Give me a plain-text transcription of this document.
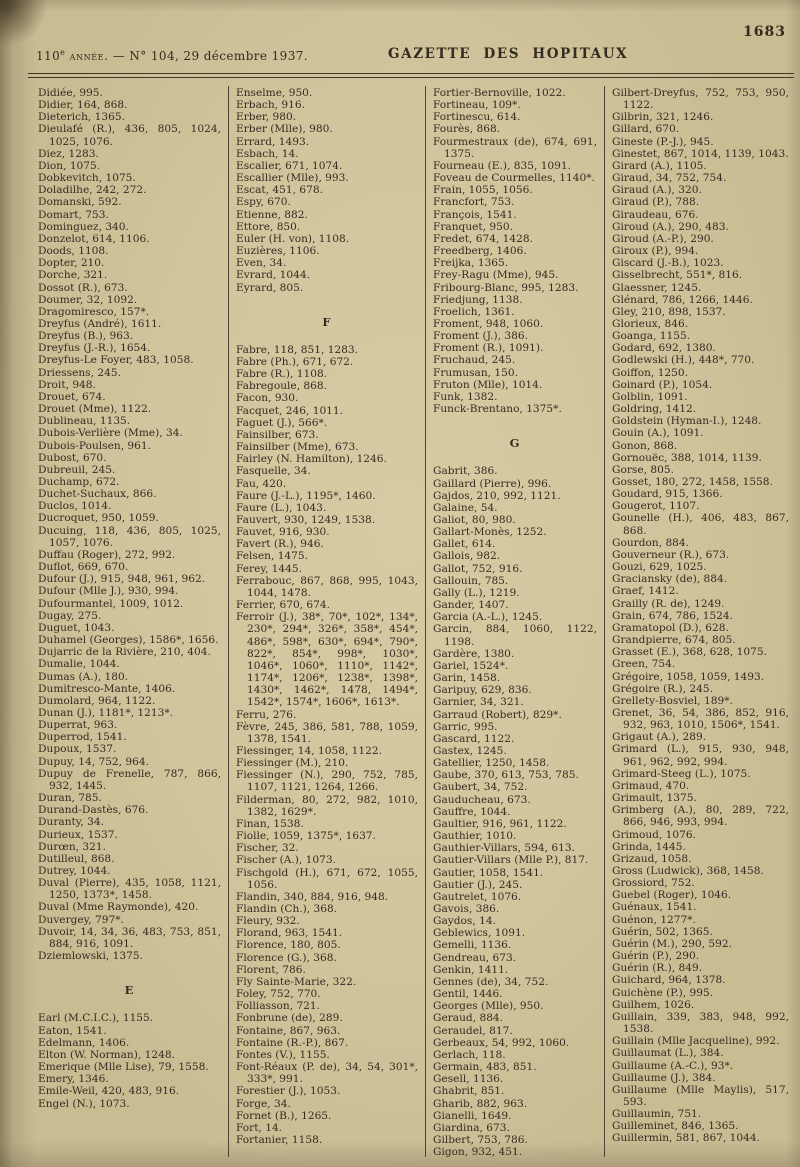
110e année. — N° 104, 29 décembre 1937.	GAZETTE DES HOPITAUX
1683

Didiée, 995.

Didier, 164, 868.

Dieterich, 1365.

Dieulafé (R.), 436, 805, 1024, 1025, 1076.

Diez, 1283.

Dion, 1075.

Dobkevitch, 1075.

Doladilhe, 242, 272.

Domanski, 592.

Domart, 753.

Dominguez, 340.

Donzelot, 614, 1106.

Doods, 1108.

Dopter, 210.

Dorche, 321.

Dossot (R.), 673.

Doumer, 32, 1092.

Dragomiresco, 157*.

Dreyfus (André), 1611.

Dreyfus (B.), 963.

Dreyfus (J.-R.), 1654.

Dreyfus-Le Foyer, 483, 1058.

Driessens, 245.

Droit, 948.

Drouet, 674.

Drouet (Mme), 1122.

Dublineau, 1135.

Dubois-Verlière (Mme), 34.

Dubois-Poulsen, 961.

Dubost, 670.

Dubreuil, 245.

Duchamp, 672.

Duchet-Suchaux, 866.

Duclos, 1014.

Ducroquet, 950, 1059.

Ducuing, 118, 436, 805, 1025, 1057, 1076.

Duffau (Roger), 272, 992.

Duflot, 669, 670.

Dufour (J.), 915, 948, 961, 962.

Dufour (Mlle J.), 930, 994.

Dufourmantel, 1009, 1012.

Dugay, 275.

Duguet, 1043.

Duhamel (Georges), 1586*, 1656.

Dujarric de la Rivière, 210, 404.

Dumalie, 1044.

Dumas (A.), 180.

Dumitresco-Mante, 1406.

Dumolard, 964, 1122.

Dunan (J.), 1181*, 1213*.

Duperrat, 963.

Duperrod, 1541.

Dupoux, 1537.

Dupuy, 14, 752, 964.

Dupuy de Frenelle, 787, 866, 932, 1445.

Duran, 785.

Durand-Dastès, 676.

Duranty, 34.

Durieux, 1537.

Durœn, 321.

Dutilleul, 868.

Dutrey, 1044.

Duval (Pierre), 435, 1058, 1121, 1250, 1373*, 1458.

Duval (Mme Raymonde), 420.

Duvergey, 797*.

Duvoir, 14, 34, 36, 483, 753, 851, 884, 916, 1091.

Dziemlowski, 1375.

E

Earl (M.C.I.C.), 1155.

Eaton, 1541.

Edelmann, 1406.

Elton (W. Norman), 1248.

Emerique (Mlle Lise), 79, 1558.

Emery, 1346.

Emile-Weil, 420, 483, 916.

Engel (N.), 1073.

Enselme, 950.

Erbach, 916.

Erber, 980.

Erber (Mlle), 980.

Errard, 1493.

Esbach, 14.

Escalier, 671, 1074.

Escallier (Mlle), 993.

Escat, 451, 678.

Espy, 670.

Etienne, 882.

Ettore, 850.

Euler (H. von), 1108.

Euzières, 1106.

Even, 34.

Evrard, 1044.

Eyrard, 805.

F

Fabre, 118, 851, 1283.

Fabre (Ph.), 671, 672.

Fabre (R.), 1108.

Fabregoule, 868.

Facon, 930.

Facquet, 246, 1011.

Faguet (J.), 566*.

Fainsilber, 673.

Fainsilber (Mme), 673.

Fairley (N. Hamilton), 1246.

Fasquelle, 34.

Fau, 420.

Faure (J.-L.), 1195*, 1460.

Faure (L.), 1043.

Fauvert, 930, 1249, 1538.

Fauvet, 916, 930.

Favert (R.), 946.

Felsen, 1475.

Ferey, 1445.

Ferrabouc, 867, 868, 995, 1043, 1044, 1478.

Ferrier, 670, 674.

Ferroir (J.), 38*, 70*, 102*, 134*, 230*, 294*, 326*, 358*, 454*, 486*, 598*, 630*, 694*, 790*, 822*, 854*, 998*, 1030*, 1046*, 1060*, 1110*, 1142*, 1174*, 1206*, 1238*, 1398*, 1430*, 1462*, 1478, 1494*, 1542*, 1574*, 1606*, 1613*.

Ferru, 276.

Fèvre, 245, 386, 581, 788, 1059, 1378, 1541.

Fiessinger, 14, 1058, 1122.

Fiessinger (M.), 210.

Fiessinger (N.), 290, 752, 785, 1107, 1121, 1264, 1266.

Filderman, 80, 272, 982, 1010, 1382, 1629*.

Finan, 1538.

Fiolle, 1059, 1375*, 1637.

Fischer, 32.

Fischer (A.), 1073.

Fischgold (H.), 671, 672, 1055, 1056.

Flandin, 340, 884, 916, 948.

Flandin (Ch.), 368.

Fleury, 932.

Florand, 963, 1541.

Florence, 180, 805.

Florence (G.), 368.

Florent, 786.

Fly Sainte-Marie, 322.

Foley, 752, 770.

Folliasson, 721.

Fonbrune (de), 289.

Fontaine, 867, 963.

Fontaine (R.-P.), 867.

Fontes (V.), 1155.

Font-Réaux (P. de), 34, 54, 301*, 333*, 991.

Forestier (J.), 1053.

Forge, 34.

Fornet (B.), 1265.

Fort, 14.

Fortanier, 1158.

Fortier-Bernoville, 1022.

Fortineau, 109*.

Fortinescu, 614.

Fourès, 868.

Fourmestraux (de), 674, 691, 1375.

Fourneau (E.), 835, 1091.

Foveau de Courmelles, 1140*.

Frain, 1055, 1056.

Francfort, 753.

François, 1541.

Franquet, 950.

Fredet, 674, 1428.

Freedberg, 1406.

Freijka, 1365.

Frey-Ragu (Mme), 945.

Fribourg-Blanc, 995, 1283.

Friedjung, 1138.

Froelich, 1361.

Froment, 948, 1060.

Froment (J.), 386.

Froment (R.), 1091).

Fruchaud, 245.

Frumusan, 150.

Fruton (Mlle), 1014.

Funk, 1382.

Funck-Brentano, 1375*.

G

Gabrit, 386.

Gaillard (Pierre), 996.

Gajdos, 210, 992, 1121.

Galaine, 54.

Galiot, 80, 980.

Gallart-Monès, 1252.

Gallet, 614.

Gallois, 982.

Gallot, 752, 916.

Gallouin, 785.

Gally (L.), 1219.

Gander, 1407.

Garcia (A.-L.), 1245.

Garcin, 884, 1060, 1122, 1198.

Gardère, 1380.

Gariel, 1524*.

Garin, 1458.

Garipuy, 629, 836.

Garnier, 34, 321.

Garraud (Robert), 829*.

Garric, 995.

Gascard, 1122.

Gastex, 1245.

Gatellier, 1250, 1458.

Gaube, 370, 613, 753, 785.

Gaubert, 34, 752.

Gauducheau, 673.

Gauffre, 1044.

Gaultier, 916, 961, 1122.

Gauthier, 1010.

Gauthier-Villars, 594, 613.

Gautier-Villars (Mlle P.), 817.

Gautier, 1058, 1541.

Gautier (J.), 245.

Gautrelet, 1076.

Gavois, 386.

Gaydos, 14.

Geblewics, 1091.

Gemelli, 1136.

Gendreau, 673.

Genkin, 1411.

Gennes (de), 34, 752.

Gentil, 1446.

Georges (Mlle), 950.

Geraud, 884.

Geraudel, 817.

Gerbeaux, 54, 992, 1060.

Gerlach, 118.

Germain, 483, 851.

Gesell, 1136.

Ghabrit, 851.

Gharib, 882, 963.

Gianelli, 1649.

Giardina, 673.

Gilbert, 753, 786.

Gigon, 932, 451.

Gilbert-Dreyfus, 752, 753, 950, 1122.

Gilbrin, 321, 1246.

Gillard, 670.

Gineste (P.-J.), 945.

Ginestet, 867, 1014, 1139, 1043.

Girard (A.), 1105.

Giraud, 34, 752, 754.

Giraud (A.), 320.

Giraud (P.), 788.

Giraudeau, 676.

Giroud (A.), 290, 483.

Giroud (A.-P.), 290.

Giroux (P.), 994.

Giscard (J.-B.), 1023.

Gisselbrecht, 551*, 816.

Glaessner, 1245.

Glénard, 786, 1266, 1446.

Gley, 210, 898, 1537.

Glorieux, 846.

Goanga, 1155.

Godard, 692, 1380.

Godlewski (H.), 448*, 770.

Goiffon, 1250.

Goinard (P.), 1054.

Golblin, 1091.

Goldring, 1412.

Goldstein (Hyman-I.), 1248.

Gouin (A.), 1091.

Gonon, 868.

Gornouëc, 388, 1014, 1139.

Gorse, 805.

Gosset, 180, 272, 1458, 1558.

Goudard, 915, 1366.

Gougerot, 1107.

Gounelle (H.), 406, 483, 867, 868.

Gourdon, 884.

Gouverneur (R.), 673.

Gouzi, 629, 1025.

Graciansky (de), 884.

Graef, 1412.

Grailly (R. de), 1249.

Grain, 674, 786, 1524.

Gramatopol (D.), 628.

Grandpierre, 674, 805.

Grasset (E.), 368, 628, 1075.

Green, 754.

Grégoire, 1058, 1059, 1493.

Grégoire (R.), 245.

Grellety-Bosviel, 189*.

Grenet, 36, 54, 386, 852, 916, 932, 963, 1010, 1506*, 1541.

Grigaut (A.), 289.

Grimard (L.), 915, 930, 948, 961, 962, 992, 994.

Grimard-Steeg (L.), 1075.

Grimaud, 470.

Grimault, 1375.

Grimberg (A.), 80, 289, 722, 866, 946, 993, 994.

Grimoud, 1076.

Grinda, 1445.

Grizaud, 1058.

Gross (Ludwick), 368, 1458.

Grossiord, 752.

Guebel (Roger), 1046.

Guénaux, 1541.

Guénon, 1277*.

Guérin, 502, 1365.

Guérin (M.), 290, 592.

Guérin (P.), 290.

Guérin (R.), 849.

Guichard, 964, 1378.

Guichène (P.), 995.

Guilhem, 1026.

Guillain, 339, 383, 948, 992, 1538.

Guillain (Mlle Jacqueline), 992.

Guillaumat (L.), 384.

Guillaume (A.-C.), 93*.

Guillaume (J.), 384.

Guillaume (Mlle Maylis), 517, 593.

Guillaumin, 751.

Guilleminet, 846, 1365.

Guillermin, 581, 867, 1044.
